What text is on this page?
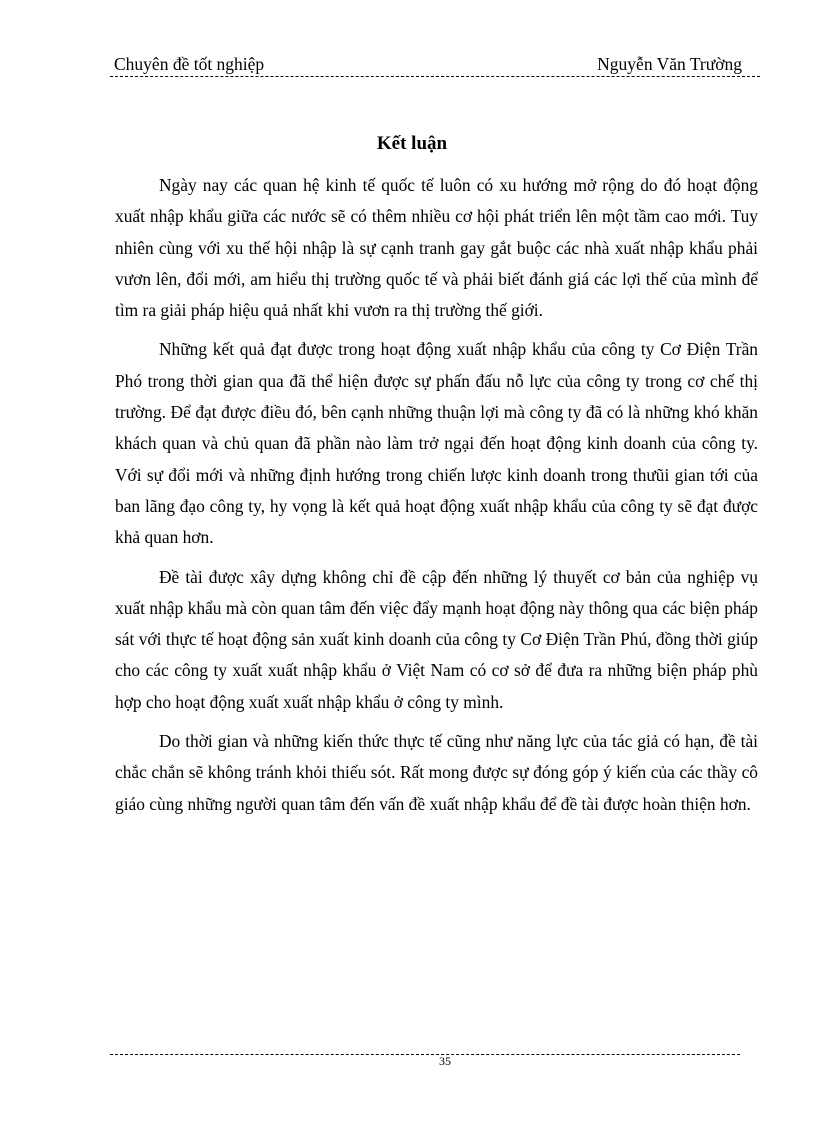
Chuyên đề tốt nghiệp	Nguyễn Văn Trường
Kết luận

Ngày nay các quan hệ kinh tế quốc tế luôn có xu hướng mở rộng do đó hoạt động xuất nhập khẩu giữa các nước sẽ có thêm nhiều cơ hội phát triển lên một tầm cao mới. Tuy nhiên cùng với xu thế hội nhập là sự cạnh tranh gay gắt buộc các nhà xuất nhập khẩu phải vươn lên, đổi mới, am hiểu thị trường quốc tế và phải biết đánh giá các lợi thế của mình để tìm ra giải pháp hiệu quả nhất khi vươn ra thị trường thế giới.

Những kết quả đạt được trong hoạt động xuất nhập khẩu của công ty Cơ Điện Trần Phó trong thời gian qua đã thể hiện được sự phấn đấu nỗ lực của công ty trong cơ chế thị trường. Để đạt được điều đó, bên cạnh những thuận lợi mà công ty đã có là những khó khăn khách quan và chủ quan đã phần nào làm trở ngại đến hoạt động kinh doanh của công ty. Với sự đổi mới và những định hướng trong chiến lược kinh doanh trong thưũi gian tới của ban lãng đạo công ty, hy vọng là kết quả hoạt động xuất nhập khẩu của công ty sẽ đạt được khả quan hơn.

Đề tài được xây dựng không chỉ đề cập đến những lý thuyết cơ bản của nghiệp vụ xuất nhập khẩu mà còn quan tâm đến việc đẩy mạnh hoạt động này thông qua các biện pháp sát với thực tế hoạt động sản xuất kinh doanh của công ty Cơ Điện Trần Phú, đồng thời giúp cho các công ty xuất xuất nhập khẩu ở Việt Nam có cơ sở để đưa ra những biện pháp phù hợp cho hoạt động xuất xuất nhập khẩu ở công ty mình.

Do thời gian và những kiến thức thực tế cũng như năng lực của tác giả có hạn, đề tài chắc chắn sẽ không tránh khỏi thiếu sót. Rất mong được sự đóng góp ý kiến của các thầy cô giáo cùng những người quan tâm đến vấn đề xuất nhập khẩu để đề tài được hoàn thiện hơn.

35
